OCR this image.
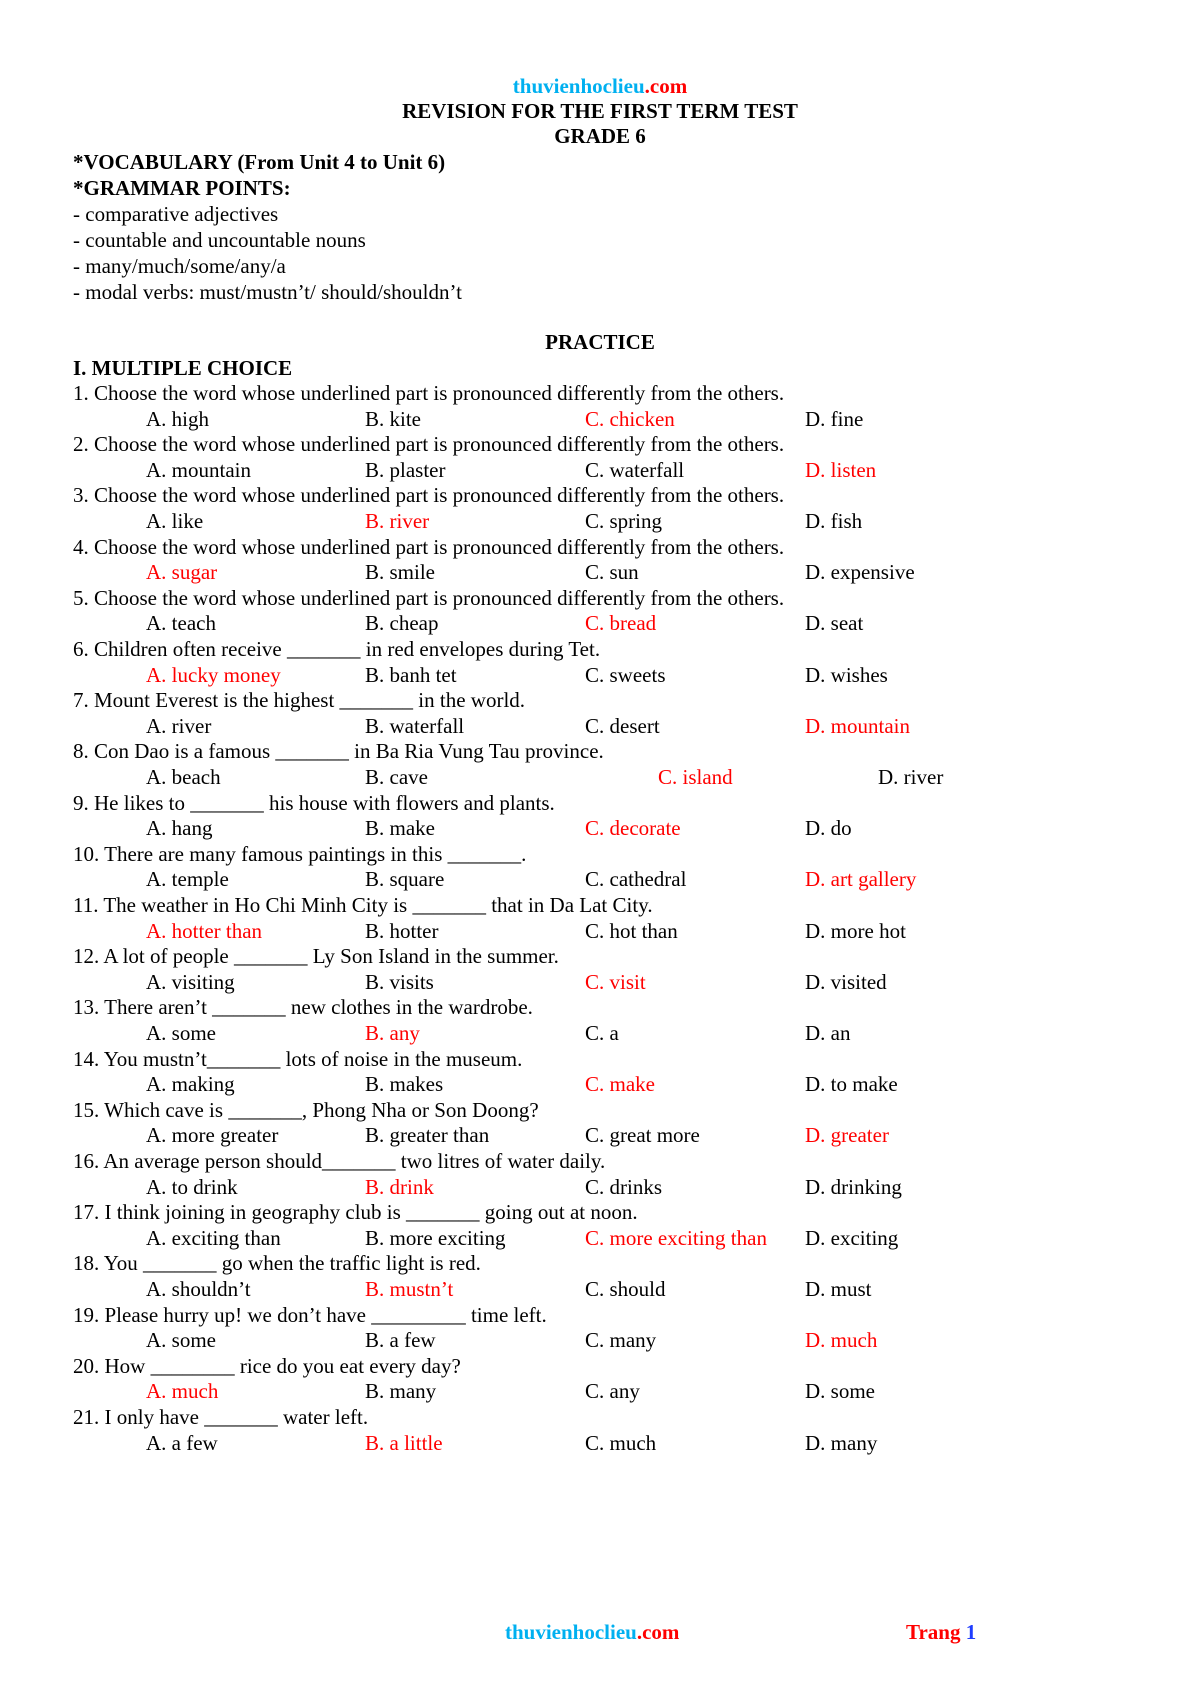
thuvienhoclieu.com
REVISION FOR THE FIRST TERM TEST
GRADE 6
*VOCABULARY (From Unit 4 to Unit 6)
*GRAMMAR POINTS:
- comparative adjectives
- countable and uncountable nouns
- many/much/some/any/a
- modal verbs: must/mustn’t/ should/shouldn’t
PRACTICE
I. MULTIPLE CHOICE
1. Choose the word whose underlined part is pronounced differently from the others.
A. high	B. kite	C. chicken	D. fine
2. Choose the word whose underlined part is pronounced differently from the others.
A. mountain	B. plaster	C. waterfall	D. listen
3. Choose the word whose underlined part is pronounced differently from the others.
A. like	B. river	C. spring	D. fish
4. Choose the word whose underlined part is pronounced differently from the others.
A. sugar	B. smile	C. sun	D. expensive
5. Choose the word whose underlined part is pronounced differently from the others.
A. teach	B. cheap	C. bread	D. seat
6. Children often receive _______ in red envelopes during Tet.
A. lucky money	B. banh tet	C. sweets	D. wishes
7. Mount Everest is the highest _______ in the world.
A. river	B. waterfall	C. desert	D. mountain
8. Con Dao is a famous _______ in Ba Ria Vung Tau province.
A. beach	B. cave	C. island	D. river
9. He likes to _______ his house with flowers and plants.
A. hang	B. make	C. decorate	D. do
10. There are many famous paintings in this _______.
A. temple	B. square	C. cathedral	D. art gallery
11. The weather in Ho Chi Minh City is _______ that in Da Lat City.
A. hotter than	B. hotter	C. hot than	D. more hot
12. A lot of people _______ Ly Son Island in the summer.
A. visiting	B. visits	C. visit	D. visited
13. There aren’t _______ new clothes in the wardrobe.
A. some	B. any	C. a	D. an
14. You mustn’t_______ lots of noise in the museum.
A. making	B. makes	C. make	D. to make
15. Which cave is _______, Phong Nha or Son Doong?
A. more greater	B. greater than	C. great more	D. greater
16. An average person should_______ two litres of water daily.
A. to drink	B. drink	C. drinks	D. drinking
17. I think joining in geography club is _______ going out at noon.
A. exciting than	B. more exciting	C. more exciting than D. exciting
18. You _______ go when the traffic light is red.
A. shouldn’t	B. mustn’t	C. should	D. must
19. Please hurry up! we don’t have _________ time left.
A. some	B. a few	C. many	D. much
20. How ________ rice do you eat every day?
A. much	B. many	C. any	D. some
21. I only have _______ water left.
A. a few	B. a little	C. much	D. many
thuvienhoclieu.com	Trang 1
